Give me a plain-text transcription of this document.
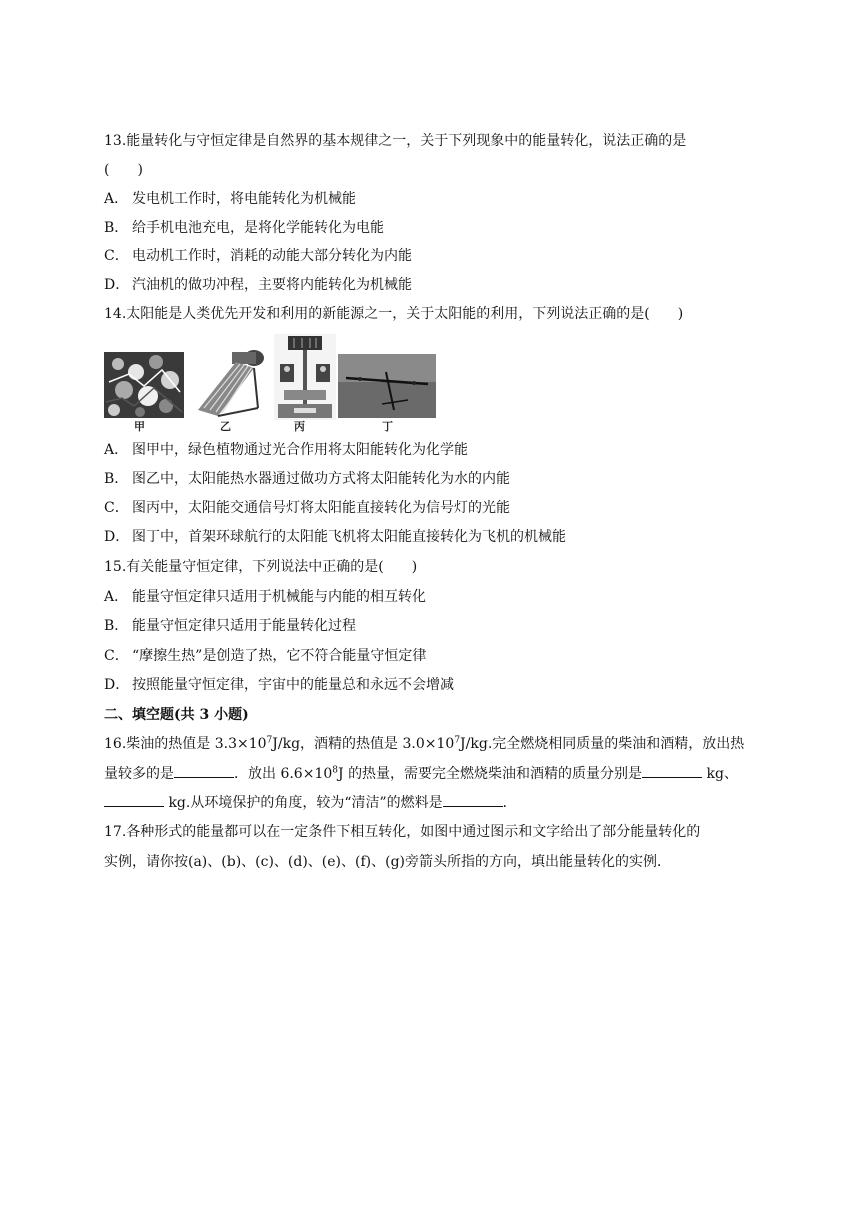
13.能量转化与守恒定律是自然界的基本规律之一，关于下列现象中的能量转化，说法正确的是
(　　)
A． 发电机工作时，将电能转化为机械能
B． 给手机电池充电，是将化学能转化为电能
C． 电动机工作时，消耗的动能大部分转化为内能
D． 汽油机的做功冲程，主要将内能转化为机械能
14.太阳能是人类优先开发和利用的新能源之一，关于太阳能的利用，下列说法正确的是(　　)
甲	乙	丙	丁
A． 图甲中，绿色植物通过光合作用将太阳能转化为化学能
B． 图乙中，太阳能热水器通过做功方式将太阳能转化为水的内能
C． 图丙中，太阳能交通信号灯将太阳能直接转化为信号灯的光能
D． 图丁中，首架环球航行的太阳能飞机将太阳能直接转化为飞机的机械能
15.有关能量守恒定律，下列说法中正确的是(　　)
A． 能量守恒定律只适用于机械能与内能的相互转化
B． 能量守恒定律只适用于能量转化过程
C． “摩擦生热”是创造了热，它不符合能量守恒定律
D． 按照能量守恒定律，宇宙中的能量总和永远不会增减
二、填空题(共 3 小题)
16.柴油的热值是 $3.3\times 10^7J/kg$，酒精的热值是 $3.0\times 10^7J/kg$.完全燃烧相同质量的柴油和酒精，放出热
量较多的是	．放出 $6.6\times 10^8J$ 的热量，需要完全燃烧柴油和酒精的质量分别是	kg、
kg.从环境保护的角度，较为“清洁”的燃料是	．
17.各种形式的能量都可以在一定条件下相互转化，如图中通过图示和文字给出了部分能量转化的
实例，请你按(a)、(b)、(c)、(d)、(e)、(f)、(g)旁箭头所指的方向，填出能量转化的实例．
